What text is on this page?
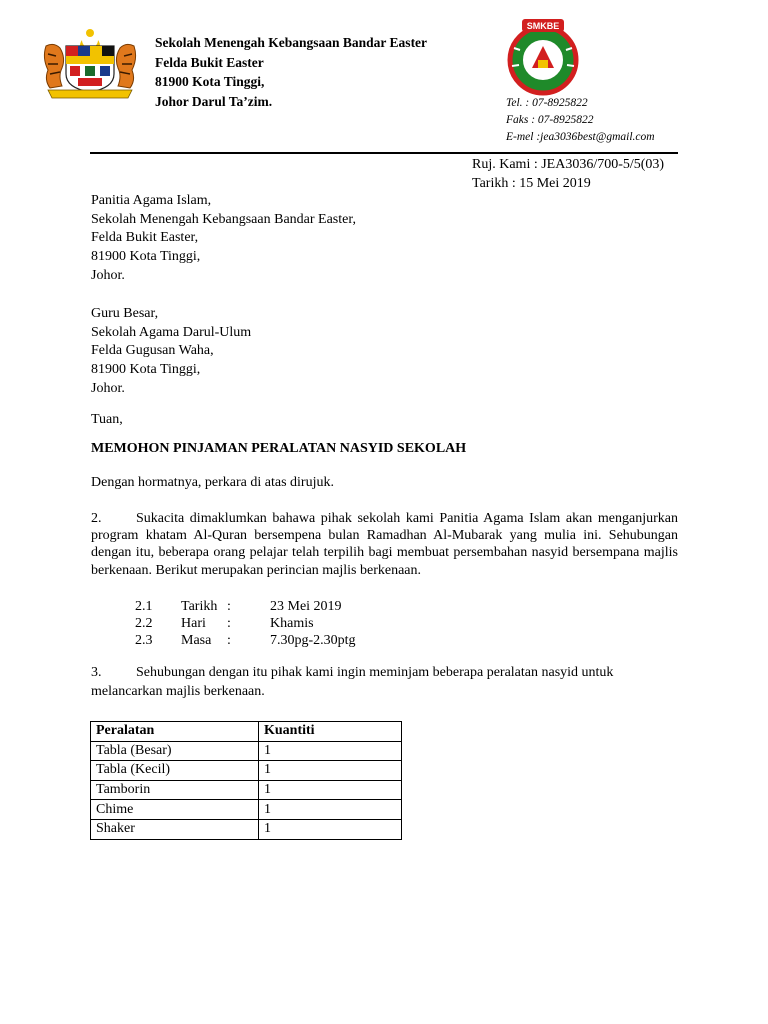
Sekolah Menengah Kebangsaan Bandar Easter
Felda Bukit Easter
81900 Kota Tinggi,
Johor Darul Ta’zim.
SMKBE
Tel. : 07-8925822
Faks : 07-8925822
E-mel :jea3036best@gmail.com
Ruj. Kami : JEA3036/700-5/5(03)
Tarikh : 15 Mei 2019
Panitia Agama Islam,
Sekolah Menengah Kebangsaan Bandar Easter,
Felda Bukit Easter,
81900 Kota Tinggi,
Johor.
Guru Besar,
Sekolah Agama Darul-Ulum
Felda Gugusan Waha,
81900 Kota Tinggi,
Johor.
Tuan,
MEMOHON PINJAMAN PERALATAN NASYID SEKOLAH
Dengan hormatnya, perkara di atas dirujuk.
2. Sukacita dimaklumkan bahawa pihak sekolah kami Panitia Agama Islam akan menganjurkan program khatam Al-Quran bersempena bulan Ramadhan Al-Mubarak yang mulia ini. Sehubungan dengan itu, beberapa orang pelajar telah terpilih bagi membuat persembahan nasyid bersempana majlis berkenaan. Berikut merupakan perincian majlis berkenaan.
2.1	Tarikh :	23 Mei 2019
2.2	Hari	:	Khamis
2.3	Masa	:	7.30pg-2.30ptg
3. Sehubungan dengan itu pihak kami ingin meminjam beberapa peralatan nasyid untuk melancarkan majlis berkenaan.
Peralatan	Kuantiti
Tabla (Besar)	1
Tabla (Kecil)	1
Tamborin	1
Chime	1
Shaker	1
